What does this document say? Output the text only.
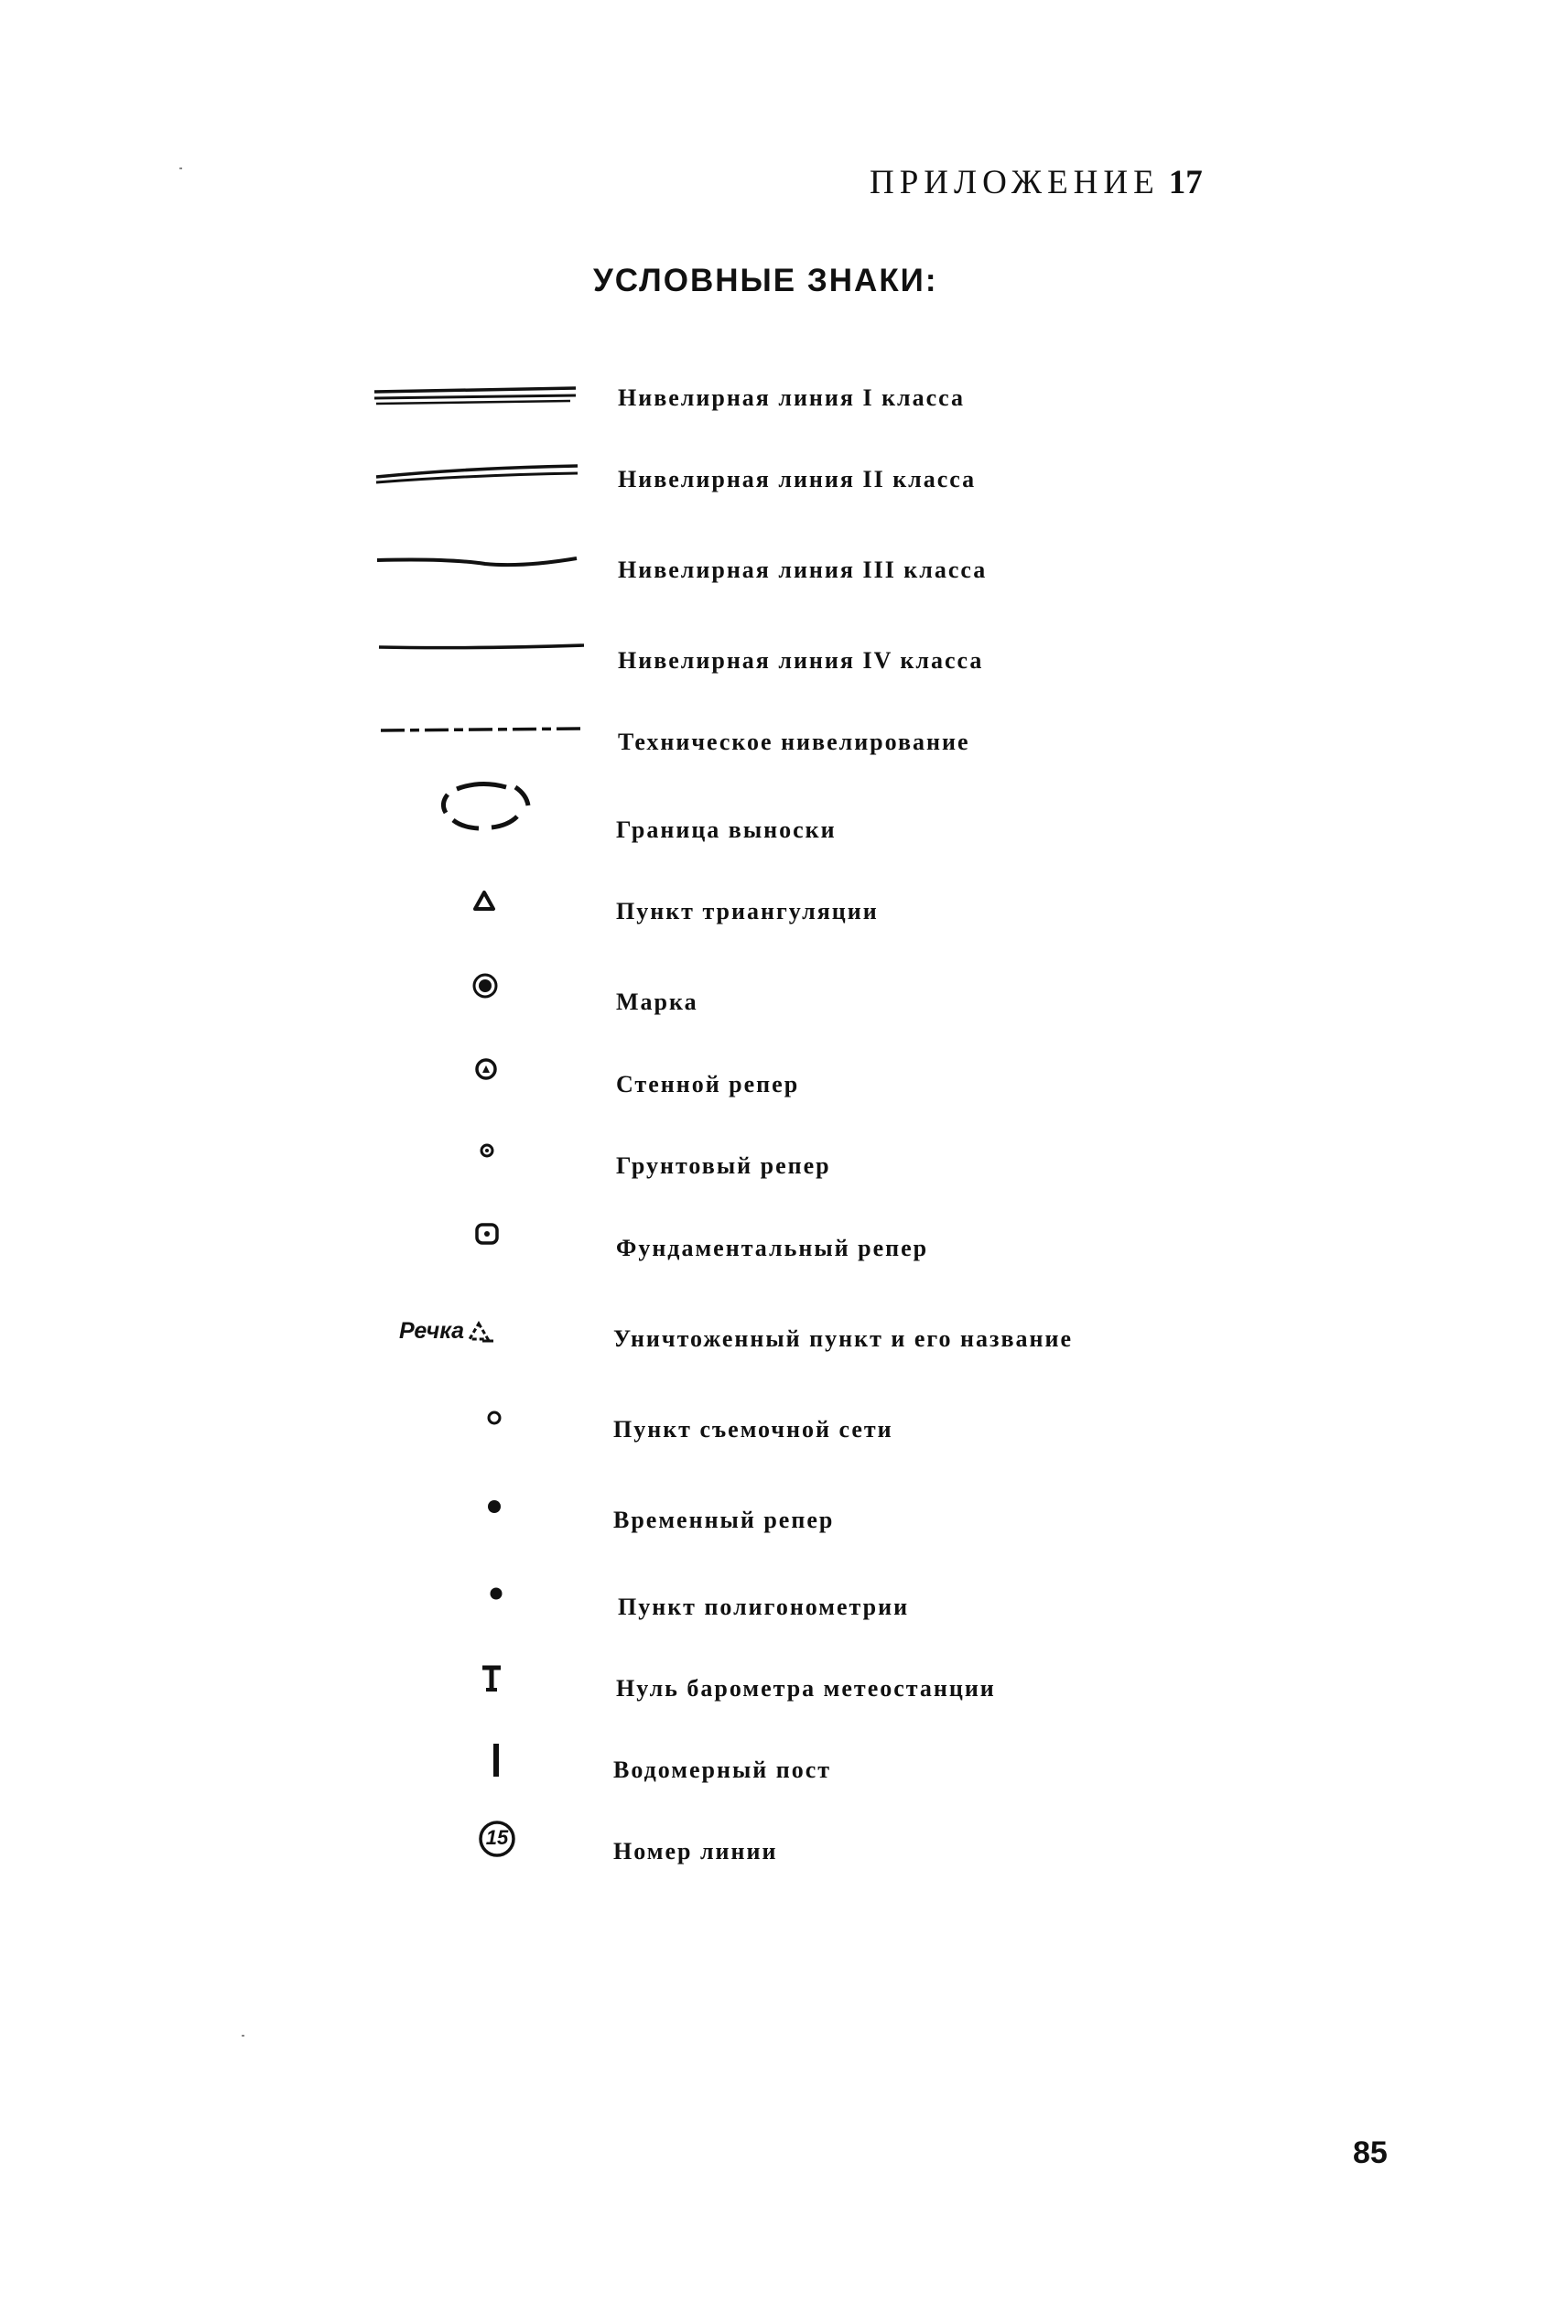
ПРИЛОЖЕНИЕ 17
УСЛОВНЫЕ ЗНАКИ:
Нивелирная линия I класса
Нивелирная линия II класса
Нивелирная линия III класса
Нивелирная линия IV класса
Техническое нивелирование
Граница выноски
Пункт триангуляции
Марка
Стенной репер
Грунтовый репер
Фундаментальный репер
Речка	Уничтоженный пункт и его название
Пункт съемочной сети
Временный репер
Пункт полигонометрии
Нуль барометра метеостанции
Водомерный пост
15
Номер линии
85
